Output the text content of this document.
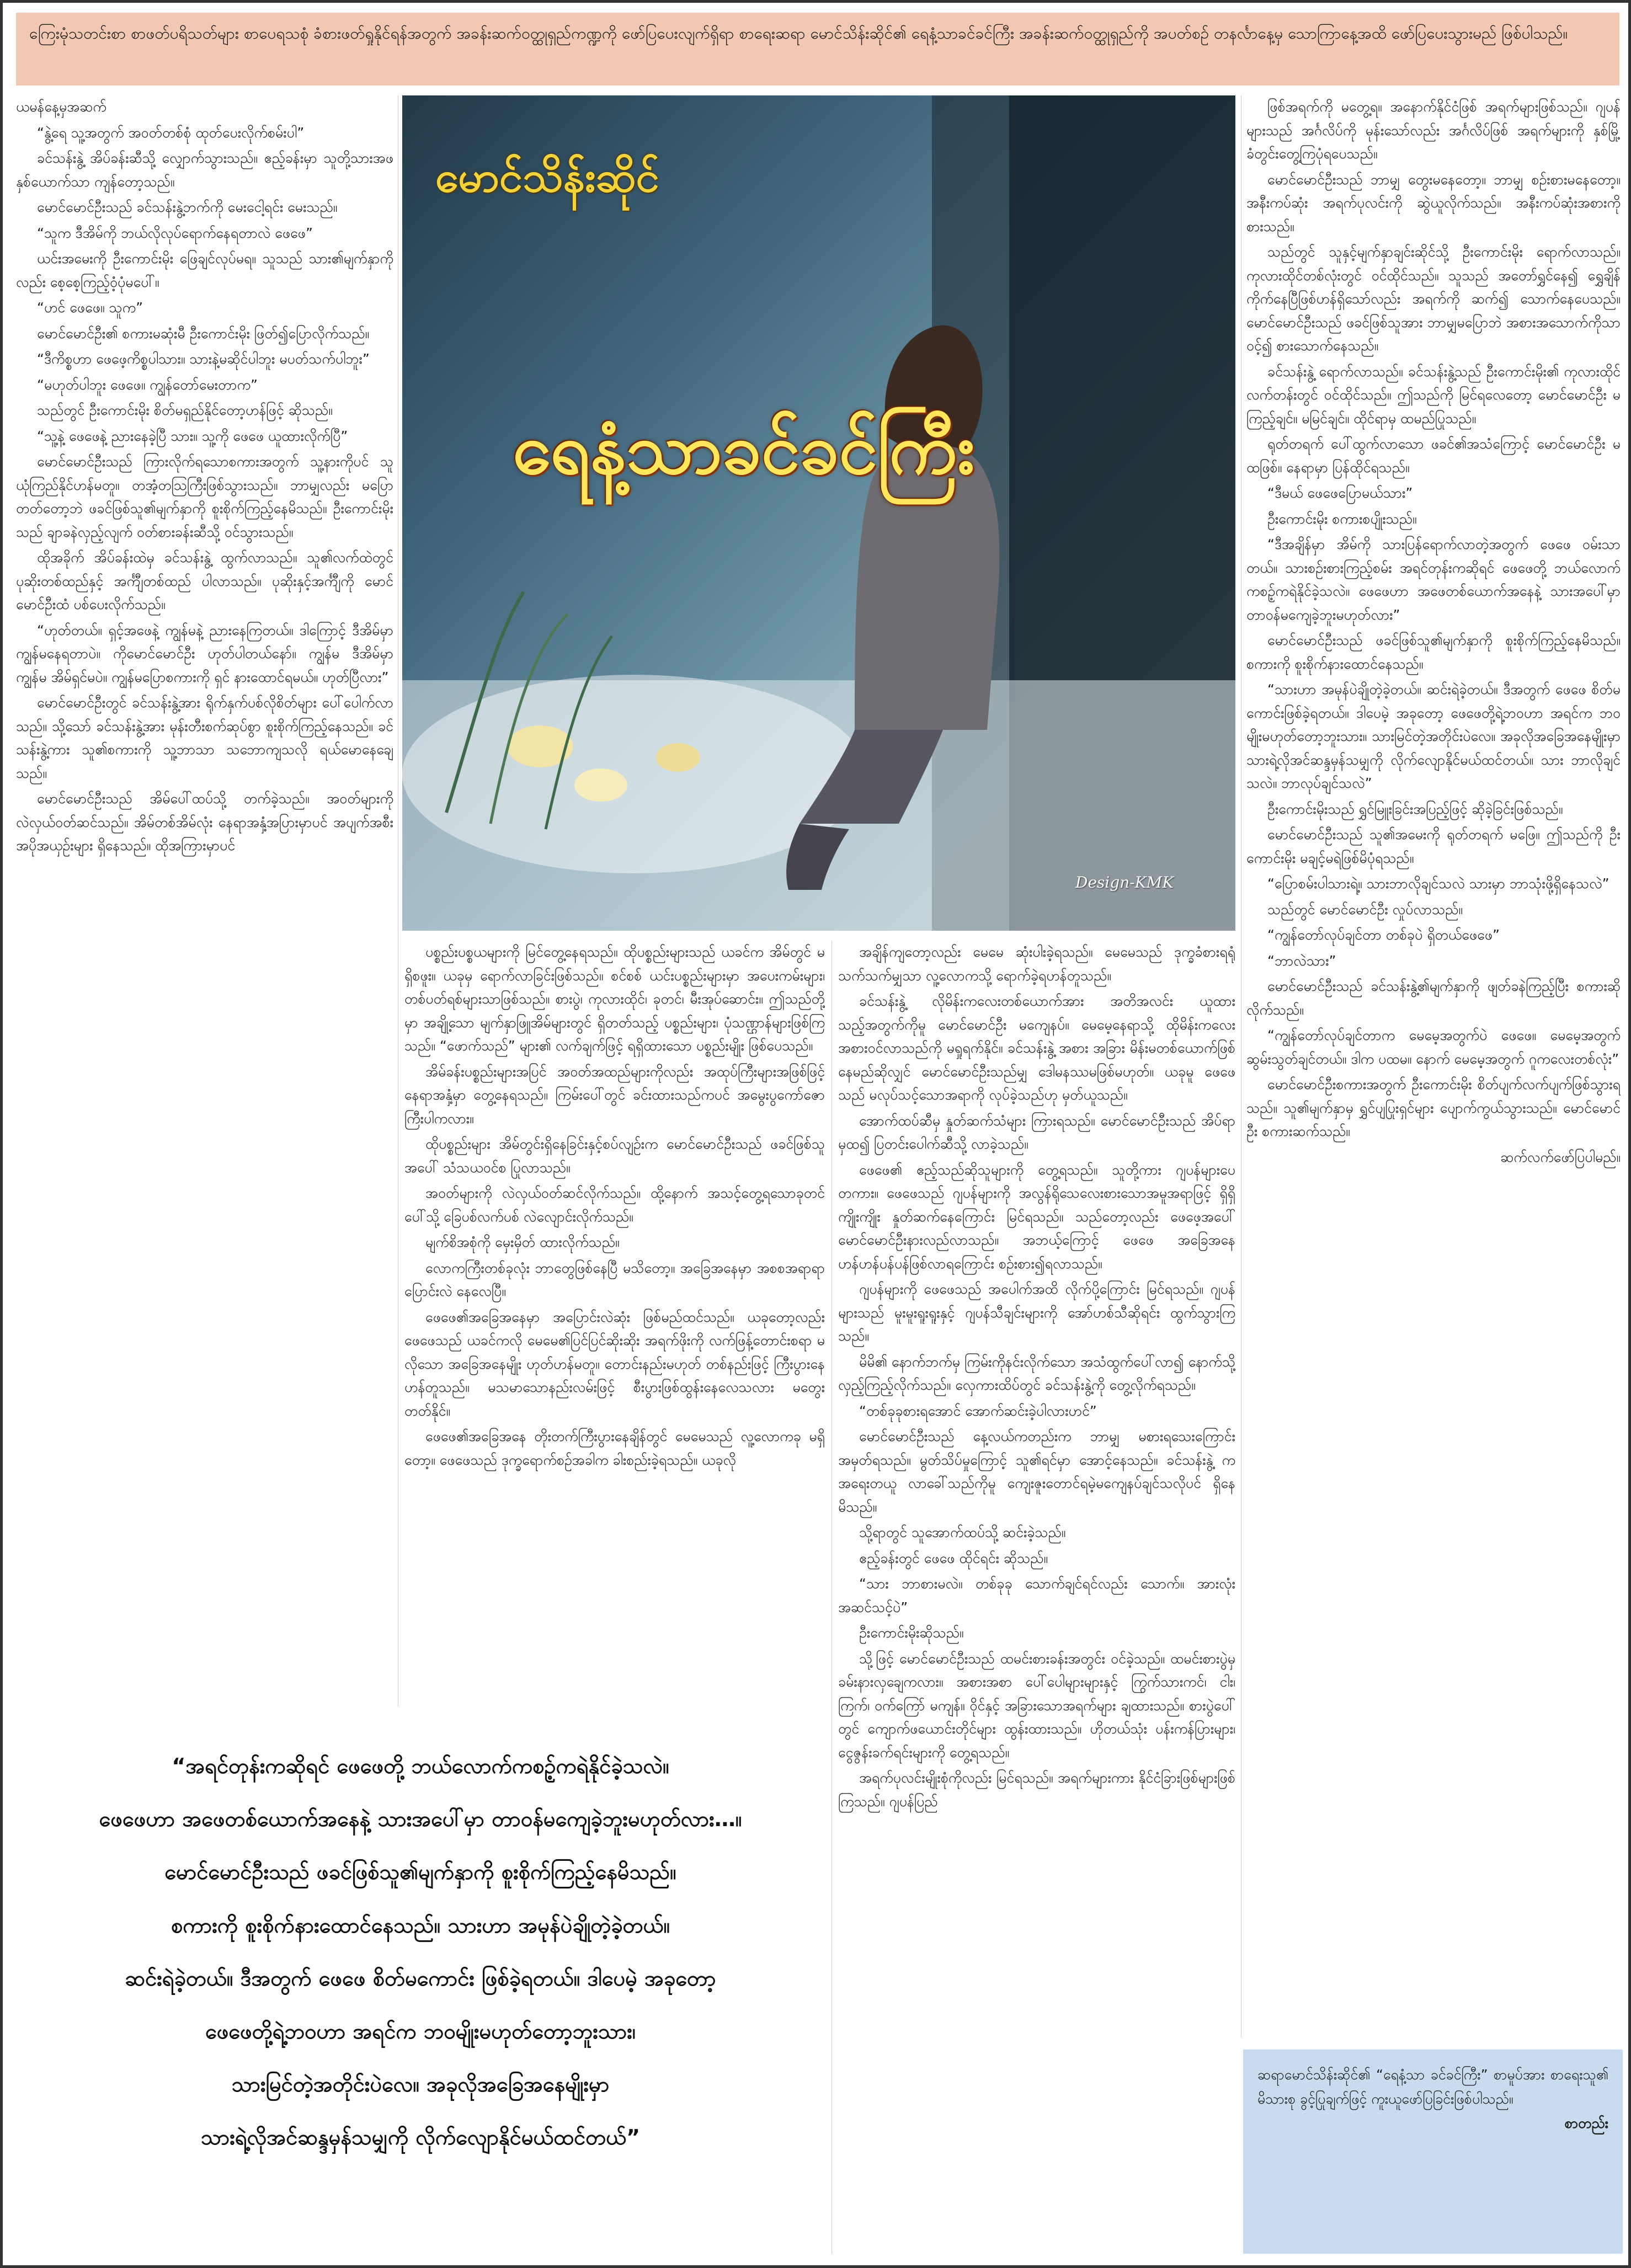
ကြေးမုံသတင်းစာ စာဖတ်ပရိသတ်များ စာပေရသစုံ ခံစားဖတ်ရှုနိုင်ရန်အတွက် အခန်းဆက်ဝတ္ထုရှည်ကဏ္ဍကို ဖော်ပြပေးလျက်ရှိရာ စာရေးဆရာ မောင်သိန်းဆိုင်၏ ရေနံ့သာခင်ခင်ကြီး အခန်းဆက်ဝတ္ထုရှည်ကို အပတ်စဉ် တနင်္လာနေ့မှ သောကြာနေ့အထိ ဖော်ပြပေးသွားမည် ဖြစ်ပါသည်။

ယမန်နေ့မှအဆက်

“နွဲ့ရေ သူ့အတွက် အဝတ်တစ်စုံ ထုတ်ပေးလိုက်စမ်းပါ”

ခင်သန်းနွဲ့ အိပ်ခန်းဆီသို့ လျှောက်သွားသည်။ ဧည့်ခန်းမှာ သူတို့သားအဖနှစ်ယောက်သာ ကျန်တော့သည်။

မောင်မောင်ဦးသည် ခင်သန်းနွဲ့ဘက်ကို မေးငေါ့ရင်း မေးသည်။

“သူက ဒီအိမ်ကို ဘယ်လိုလုပ်ရောက်နေရတာလဲ ဖေဖေ”

ယင်းအမေးကို ဦးကောင်းမိုး ဖြေချင်လုပ်မရ။ သူသည် သား၏မျက်နှာကိုလည်း စေ့စေ့ကြည့်ဝံ့ပုံမပေါ်။

“ဟင် ဖေဖေ။ သူက”

မောင်မောင်ဦး၏ စကားမဆုံးမီ ဦးကောင်းမိုး ဖြတ်၍ပြောလိုက်သည်။

“ဒီကိစ္စဟာ ဖေဖေ့ကိစ္စပါသား။ သားနဲ့မဆိုင်ပါဘူး မပတ်သက်ပါဘူး”

“မဟုတ်ပါဘူး ဖေဖေ။ ကျွန်တော်မေးတာက”

သည်တွင် ဦးကောင်းမိုး စိတ်မရှည်နိုင်တော့ဟန်ဖြင့် ဆိုသည်။

“သူ့နဲ့ ဖေဖေနဲ့ ညားနေခဲ့ပြီ သား။ သူ့ကို ဖေဖေ ယူထားလိုက်ပြီ”

မောင်မောင်ဦးသည် ကြားလိုက်ရသောစကားအတွက် သူ့နားကိုပင် သူ ယုံကြည်နိုင်ဟန်မတူ။ တအံ့တသြကြီးဖြစ်သွားသည်။ ဘာမျှလည်း မပြောတတ်တော့ဘဲ ဖခင်ဖြစ်သူ၏မျက်နှာကို စူးစိုက်ကြည့်နေမိသည်။ ဦးကောင်းမိုးသည် ချာခနဲလှည့်လျက် ဝတ်စားခန်းဆီသို့ ဝင်သွားသည်။

ထိုအခိုက် အိပ်ခန်းထဲမှ ခင်သန်းနွဲ့ ထွက်လာသည်။ သူ၏လက်ထဲတွင် ပုဆိုးတစ်ထည်နှင့် အင်္ကျီတစ်ထည် ပါလာသည်။ ပုဆိုးနှင့်အင်္ကျီကို မောင်မောင်ဦးထံ ပစ်ပေးလိုက်သည်။

“ဟုတ်တယ်။ ရှင့်အဖေနဲ့ ကျွန်မနဲ့ ညားနေကြတယ်။ ဒါကြောင့် ဒီအိမ်မှာ ကျွန်မနေရတာပဲ။ ကိုမောင်မောင်ဦး ဟုတ်ပါတယ်နော်။ ကျွန်မ ဒီအိမ်မှာ ကျွန်မ အိမ်ရှင်မပဲ။ ကျွန်မပြောစကားကို ရှင် နားထောင်ရမယ်။ ဟုတ်ပြီလား”

မောင်မောင်ဦးတွင် ခင်သန်းနွဲ့အား ရိုက်နှက်ပစ်လိုစိတ်များ ပေါ်ပေါက်လာသည်။ သို့သော် ခင်သန်းနွဲ့အား မုန်းတီးစက်ဆုပ်စွာ စူးစိုက်ကြည့်နေသည်။ ခင်သန်းနွဲ့ကား သူ၏စကားကို သူ့ဘာသာ သဘောကျသလို ရယ်မောနေချေသည်။

မောင်မောင်ဦးသည် အိမ်ပေါ်ထပ်သို့ တက်ခဲ့သည်။ အဝတ်များကို လဲလှယ်ဝတ်ဆင်သည်။ အိမ်တစ်အိမ်လုံး နေရာအနှံ့အပြားမှာပင် အပျက်အစီး အပိုအယှဉ်းများ ရှိနေသည်။ ထိုအကြားမှာပင်

မောင်သိန်းဆိုင်

ရေနံ့သာခင်ခင်ကြီး

Design-KMK

ပစ္စည်းပစ္စယများကို မြင်တွေ့နေရသည်။ ထိုပစ္စည်းများသည် ယခင်က အိမ်တွင် မရှိစဖူး။ ယခုမှ ရောက်လာခြင်းဖြစ်သည်။ စင်စစ် ယင်းပစ္စည်းများမှာ အပေးကမ်းများ၊ တစ်ပတ်ရစ်များသာဖြစ်သည်။ စားပွဲ၊ ကုလားထိုင်၊ ခုတင်၊ မီးအုပ်ဆောင်း။ ဤသည်တို့မှာ အချို့သော မျက်နှာဖြူအိမ်များတွင် ရှိတတ်သည့် ပစ္စည်းများ၊ ပုံသဏ္ဌာန်များဖြစ်ကြသည်။ “ဖောက်သည်” များ၏ လက်ချက်ဖြင့် ရရှိထားသော ပစ္စည်းမျိုး ဖြစ်ပေသည်။

အိမ်ခန်းပစ္စည်းများအပြင် အဝတ်အထည်များကိုလည်း အထုပ်ကြီးများအဖြစ်ဖြင့် နေရာအနှံ့မှာ တွေ့နေရသည်။ ကြမ်းပေါ်တွင် ခင်းထားသည်ကပင် အမွေးပွကော်ဇောကြီးပါကလား။

ထိုပစ္စည်းများ အိမ်တွင်းရှိနေခြင်းနှင့်စပ်လျဉ်းက မောင်မောင်ဦးသည် ဖခင်ဖြစ်သူအပေါ် သံသယဝင်စ ပြုလာသည်။

အဝတ်များကို လဲလှယ်ဝတ်ဆင်လိုက်သည်။ ထို့နောက် အသင့်တွေ့ရသောခုတင်ပေါ်သို့ ခြေပစ်လက်ပစ် လဲလျောင်းလိုက်သည်။

မျက်စိအစုံကို မှေးမှိတ် ထားလိုက်သည်။

လောကကြီးတစ်ခုလုံး ဘာတွေဖြစ်နေပြီ မသိတော့။ အခြေအနေမှာ အစစအရာရာ ပြောင်းလဲ နေလေပြီ။

ဖေဖေ၏အခြေအနေမှာ အပြောင်းလဲဆုံး ဖြစ်မည်ထင်သည်။ ယခုတော့လည်း ဖေဖေသည် ယခင်ကလို မေမေ၏ပြင်ပြင်ဆိုးဆိုး အရက်ဖိုးကို လက်ဖြန့်တောင်းစရာ မလိုသော အခြေအနေမျိုး ဟုတ်ဟန်မတူ။ တောင်းနည်းမဟုတ် တစ်နည်းဖြင့် ကြီးပွားနေဟန်တူသည်။ မသမာသောနည်းလမ်းဖြင့် စီးပွားဖြစ်ထွန်းနေလေသလား မတွေးတတ်နိုင်။

ဖေဖေ၏အခြေအနေ တိုးတက်ကြီးပွားနေချိန်တွင် မေမေသည် လူ့လောကခု မရှိတော့။ ဖေဖေသည် ဒုက္ခရောက်စဉ်အခါက ခါးစည်းခဲ့ရသည်။ ယခုလို

အချိန်ကျတော့လည်း မေမေ ဆုံးပါးခဲ့ရသည်။ မေမေသည် ဒုက္ခခံစားရရုံသက်သက်မျှသာ လူ့လောကသို့ ရောက်ခဲ့ရဟန်တူသည်။

ခင်သန်းနွဲ့ လိုမိန်းကလေးတစ်ယောက်အား အတိအလင်း ယူထားသည့်အတွက်ကိုမူ မောင်မောင်ဦး မကျေနပ်။ မေမေ့နေရာသို့ ထိုမိန်းကလေး အစားဝင်လာသည်ကို မရှုရက်နိုင်။ ခင်သန်းနွဲ့ အစား အခြား မိန်းမတစ်ယောက်ဖြစ်နေမည်ဆိုလျှင် မောင်မောင်ဦးသည်မျှ ဒေါမနဿမဖြစ်မဟုတ်။ ယခုမူ ဖေဖေသည် မလုပ်သင့်သောအရာကို လုပ်ခဲ့သည်ဟု မှတ်ယူသည်။

အောက်ထပ်ဆီမှ နှုတ်ဆက်သံများ ကြားရသည်။ မောင်မောင်ဦးသည် အိပ်ရာမှထ၍ ပြတင်းပေါက်ဆီသို့ လာခဲ့သည်။

ဖေဖေ၏ ဧည့်သည်ဆိုသူများကို တွေ့ရသည်။ သူတို့ကား ဂျပန်များပေတကား။ ဖေဖေသည် ဂျပန်များကို အလွန်ရိုသေလေးစားသောအမူအရာဖြင့် ရှိရှိကျိုးကျိုး နှုတ်ဆက်နေကြောင်း မြင်ရသည်။ သည်တော့လည်း ဖေဖေ့အပေါ် မောင်မောင်ဦးနားလည်လာသည်။ အဘယ့်ကြောင့် ဖေဖေ အခြေအနေဟန်ဟန်ပန်ပန်ဖြစ်လာရကြောင်း စဉ်းစား၍ရလာသည်။

ဂျပန်များကို ဖေဖေသည် အပေါက်အထိ လိုက်ပို့ကြောင်း မြင်ရသည်။ ဂျပန်များသည် မူးမူးရူးရူးနှင့် ဂျပန်သီချင်းများကို အော်ဟစ်သီဆိုရင်း ထွက်သွားကြသည်။

မိမိ၏ နောက်ဘက်မှ ကြမ်းကိုနင်းလိုက်သော အသံထွက်ပေါ်လာ၍ နောက်သို့ လှည့်ကြည့်လိုက်သည်။ လှေကားထိပ်တွင် ခင်သန်းနွဲ့ကို တွေ့လိုက်ရသည်။

“တစ်ခုခုစားရအောင် အောက်ဆင်းခဲ့ပါလားဟင်”

မောင်မောင်ဦးသည် နေ့လယ်ကတည်းက ဘာမျှ မစားရသေးကြောင်း အမှတ်ရသည်။ မွတ်သိပ်မှုကြောင့် သူ၏ရင်မှာ အောင့်နေသည်။ ခင်သန်းနွဲ့ က အရေးတယူ လာခေါ်သည်ကိုမူ ကျေးဇူးတောင်ရမဲ့မကျေနပ်ချင်သလိုပင် ရှိနေမိသည်။

သို့ရာတွင် သူအောက်ထပ်သို့ ဆင်းခဲ့သည်။

ဧည့်ခန်းတွင် ဖေဖေ ထိုင်ရင်း ဆိုသည်။

“သား ဘာစားမလဲ။ တစ်ခုခု သောက်ချင်ရင်လည်း သောက်။ အားလုံးအဆင်သင့်ပဲ”

ဦးကောင်းမိုးဆိုသည်။

သို့ဖြင့် မောင်မောင်ဦးသည် ထမင်းစားခန်းအတွင်း ဝင်ခဲ့သည်။ ထမင်းစားပွဲမှ ခမ်းနားလှချေကလား။ အစားအစာ ပေါ်ပေါများများနှင့် ကြွက်သားကင်၊ ငါး၊ ကြက်၊ ဝက်ကြော် မကျန်။ ဝိုင်နှင့် အခြားသောအရက်များ ချထားသည်။ စားပွဲပေါ်တွင် ကျောက်ဖယောင်းတိုင်များ ထွန်းထားသည်။ ဟိုတယ်သုံး ပန်းကန်ပြားများ၊ ငွေဇွန်းခက်ရင်းများကို တွေ့ရသည်။

အရက်ပုလင်းမျိုးစုံကိုလည်း မြင်ရသည်။ အရက်များကား နိုင်ငံခြားဖြစ်များဖြစ်ကြသည်။ ဂျပန်ပြည်

ဖြစ်အရက်ကို မတွေ့ရ။ အနောက်နိုင်ငံဖြစ် အရက်များဖြစ်သည်။ ဂျပန်များသည် အင်္ဂလိပ်ကို မုန်းသော်လည်း အင်္ဂလိပ်ဖြစ် အရက်များကို နှစ်မြို့ခံတွင်းတွေ့ကြပုံရပေသည်။

မောင်မောင်ဦးသည် ဘာမျှ တွေးမနေတော့။ ဘာမျှ စဉ်းစားမနေတော့။ အနီးကပ်ဆုံး အရက်ပုလင်းကို ဆွဲယူလိုက်သည်။ အနီးကပ်ဆုံးအစားကို စားသည်။

သည်တွင် သူနှင့်မျက်နှာချင်းဆိုင်သို့ ဦးကောင်းမိုး ရောက်လာသည်။ ကုလားထိုင်တစ်လုံးတွင် ဝင်ထိုင်သည်။ သူသည် အတော်ရွှင်နေ၍ ရွှေချိန်ကိုက်နေပြီဖြစ်ဟန်ရှိသော်လည်း အရက်ကို ဆက်၍ သောက်နေပေသည်။ မောင်မောင်ဦးသည် ဖခင်ဖြစ်သူအား ဘာမျှမပြောဘဲ အစားအသောက်ကိုသာ ဝင့်၍ စားသောက်နေသည်။

ခင်သန်းနွဲ့ ရောက်လာသည်။ ခင်သန်းနွဲ့သည် ဦးကောင်းမိုး၏ ကုလားထိုင်လက်တန်းတွင် ဝင်ထိုင်သည်။ ဤသည်ကို မြင်ရလေတော့ မောင်မောင်ဦး မကြည့်ချင်။ မမြင်ချင်။ ထိုင်ရာမှ ထမည်ပြုသည်။

ရုတ်တရက် ပေါ်ထွက်လာသော ဖခင်၏အသံကြောင့် မောင်မောင်ဦး မထဖြစ်။ နေရာမှာ ပြန်ထိုင်ရသည်။

“ဒီမယ် ဖေဖေပြောမယ်သား”

ဦးကောင်းမိုး စကားစပျိုးသည်။

“ဒီအချိန်မှာ အိမ်ကို သားပြန်ရောက်လာတဲ့အတွက် ဖေဖေ ဝမ်းသာတယ်။ သားစဉ်းစားကြည့်စမ်း အရင်တုန်းကဆိုရင် ဖေဖေတို့ ဘယ်လောက် ကစဉ့်ကရဲနိုင်ခဲ့သလဲ။ ဖေဖေဟာ အဖေတစ်ယောက်အနေနဲ့ သားအပေါ်မှာ တာဝန်မကျေခဲ့ဘူးမဟုတ်လား”

မောင်မောင်ဦးသည် ဖခင်ဖြစ်သူ၏မျက်နှာကို စူးစိုက်ကြည့်နေမိသည်။ စကားကို စူးစိုက်နားထောင်နေသည်။

“သားဟာ အမုန်ပဲချိုတဲ့ခဲ့တယ်။ ဆင်းရဲခဲ့တယ်။ ဒီအတွက် ဖေဖေ စိတ်မကောင်းဖြစ်ခဲ့ရတယ်။ ဒါပေမဲ့ အခုတော့ ဖေဖေတို့ရဲ့ဘဝဟာ အရင်က ဘဝမျိုးမဟုတ်တော့ဘူးသား။ သားမြင်တဲ့အတိုင်းပဲလေ။ အခုလိုအခြေအနေမျိုးမှာ သားရဲ့လိုအင်ဆန္ဒမှန်သမျှကို လိုက်လျောနိုင်မယ်ထင်တယ်။ သား ဘာလိုချင်သလဲ။ ဘာလုပ်ချင်သလဲ”

ဦးကောင်းမိုးသည် ရွှင်မြူးခြင်းအပြည့်ဖြင့် ဆိုခဲ့ခြင်းဖြစ်သည်။

မောင်မောင်ဦးသည် သူ၏အမေးကို ရုတ်တရက် မဖြေ။ ဤသည်ကို ဦးကောင်းမိုး မချင့်မရဲဖြစ်မိပုံရသည်။

“ပြောစမ်းပါသားရဲ့။ သားဘာလိုချင်သလဲ သားမှာ ဘာသုံးဖို့ရှိနေသလဲ”

သည်တွင် မောင်မောင်ဦး လှုပ်လာသည်။

“ကျွန်တော်လုပ်ချင်တာ တစ်ခုပဲ ရှိတယ်ဖေဖေ”

“ဘာလဲသား”

မောင်မောင်ဦးသည် ခင်သန်းနွဲ့၏မျက်နှာကို ဖျတ်ခနဲကြည့်ပြီး စကားဆိုလိုက်သည်။

“ကျွန်တော်လုပ်ချင်တာက မေမေ့အတွက်ပဲ ဖေဖေ။ မေမေ့အတွက် ဆွမ်းသွတ်ချင်တယ်။ ဒါက ပထမ။ နောက် မေမေ့အတွက် ဂူကလေးတစ်လုံး”

မောင်မောင်ဦးစကားအတွက် ဦးကောင်းမိုး စိတ်ပျက်လက်ပျက်ဖြစ်သွားရသည်။ သူ၏မျက်နှာမှ ရွှင်ပျပြုးရှင်များ ပျောက်ကွယ်သွားသည်။ မောင်မောင်ဦး စကားဆက်သည်။

ဆက်လက်ဖော်ပြပါမည်။

“အရင်တုန်းကဆိုရင် ဖေဖေတို့ ဘယ်လောက်ကစဉ့်ကရဲနိုင်ခဲ့သလဲ။

ဖေဖေဟာ အဖေတစ်ယောက်အနေနဲ့ သားအပေါ်မှာ တာဝန်မကျေခဲ့ဘူးမဟုတ်လား…။

မောင်မောင်ဦးသည် ဖခင်ဖြစ်သူ၏မျက်နှာကို စူးစိုက်ကြည့်နေမိသည်။

စကားကို စူးစိုက်နားထောင်နေသည်။ သားဟာ အမုန်ပဲချိုတဲ့ခဲ့တယ်။

ဆင်းရဲခဲ့တယ်။ ဒီအတွက် ဖေဖေ စိတ်မကောင်း ဖြစ်ခဲ့ရတယ်။ ဒါပေမဲ့ အခုတော့

ဖေဖေတို့ရဲ့ဘဝဟာ အရင်က ဘဝမျိုးမဟုတ်တော့ဘူးသား၊

သားမြင်တဲ့အတိုင်းပဲလေ။ အခုလိုအခြေအနေမျိုးမှာ

သားရဲ့လိုအင်ဆန္ဒမှန်သမျှကို လိုက်လျောနိုင်မယ်ထင်တယ်”

ဆရာမောင်သိန်းဆိုင်၏ “ရေနံ့သာ ခင်ခင်ကြီး” စာမူပ်အား စာရေးသူ၏ မိသားစု ခွင့်ပြုချက်ဖြင့် ကူးယူဖော်ပြခြင်းဖြစ်ပါသည်။

စာတည်း
